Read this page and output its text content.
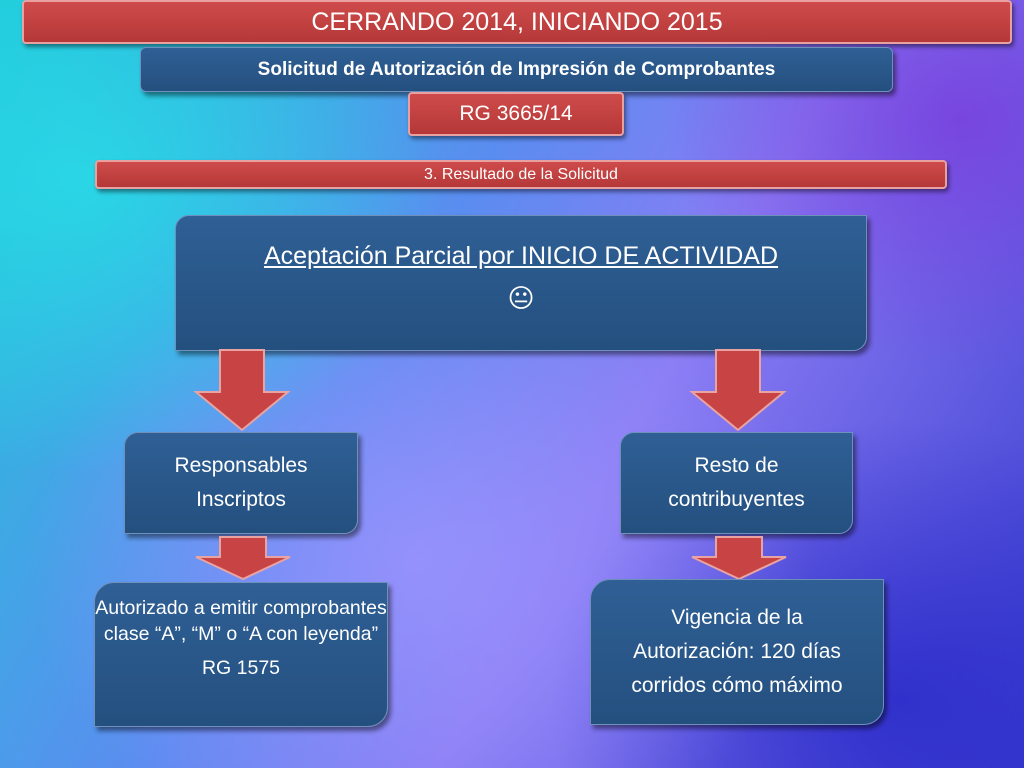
CERRANDO 2014, INICIANDO 2015
Solicitud de Autorización de Impresión de Comprobantes
RG 3665/14
3. Resultado de la Solicitud
Aceptación Parcial por INICIO DE ACTIVIDAD
😐
Responsables
Inscriptos
Resto de
contribuyentes
Autorizado a emitir comprobantes clase “A”, “M” o “A con leyenda”
RG 1575
Vigencia de la
Autorización: 120 días
corridos cómo máximo
